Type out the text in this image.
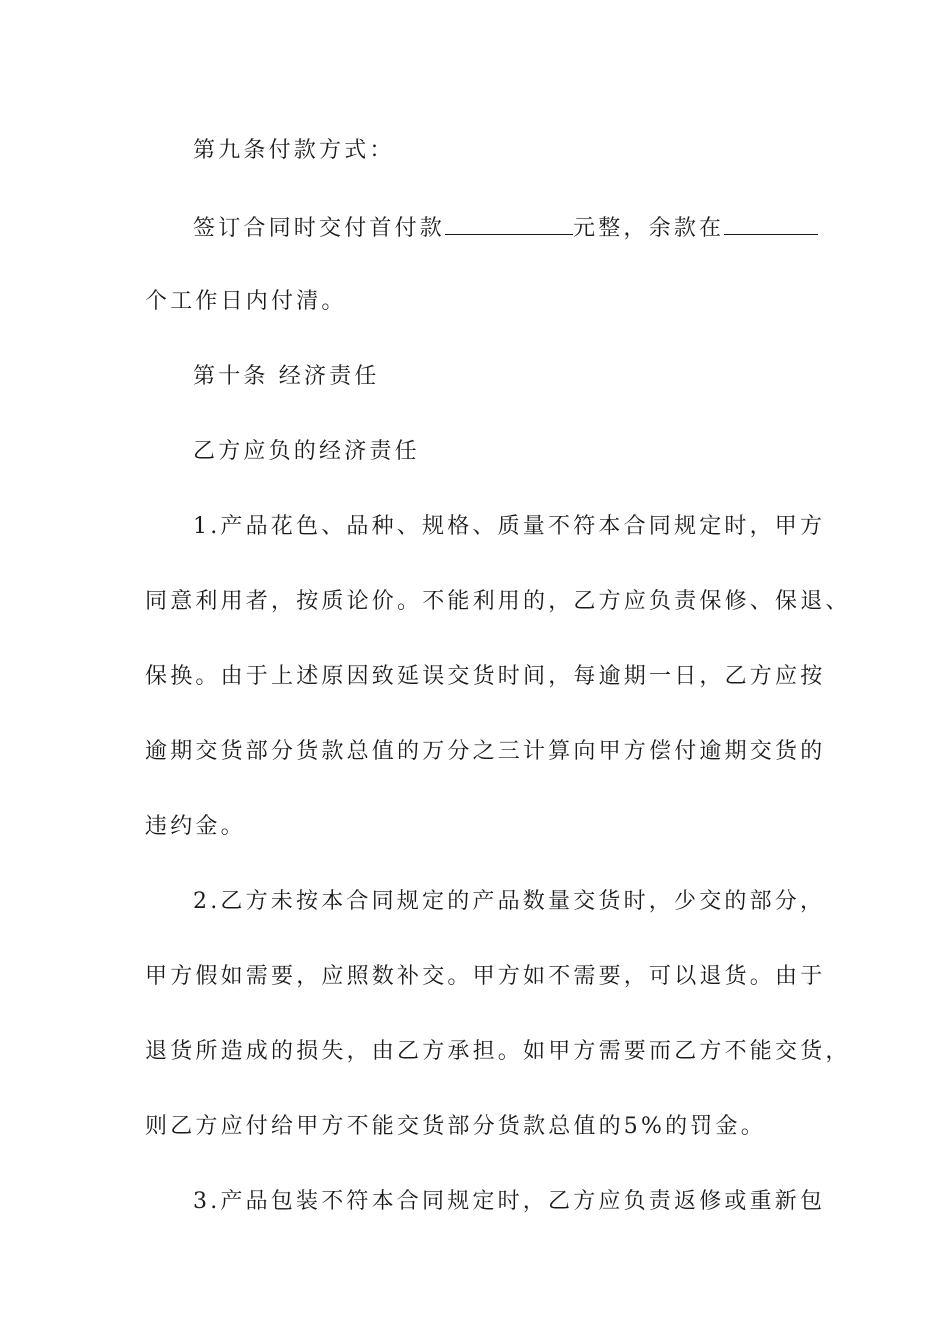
第九条付款方式：
签订合同时交付首付款	元整，余款在
个工作日内付清。
第十条 经济责任
乙方应负的经济责任
1.产品花色、品种、规格、质量不符本合同规定时，甲方
同意利用者，按质论价。不能利用的，乙方应负责保修、保退、
保换。由于上述原因致延误交货时间，每逾期一日，乙方应按
逾期交货部分货款总值的万分之三计算向甲方偿付逾期交货的
违约金。
2.乙方未按本合同规定的产品数量交货时，少交的部分，
甲方假如需要，应照数补交。甲方如不需要，可以退货。由于
退货所造成的损失，由乙方承担。如甲方需要而乙方不能交货，
则乙方应付给甲方不能交货部分货款总值的5%的罚金。
3.产品包装不符本合同规定时，乙方应负责返修或重新包
